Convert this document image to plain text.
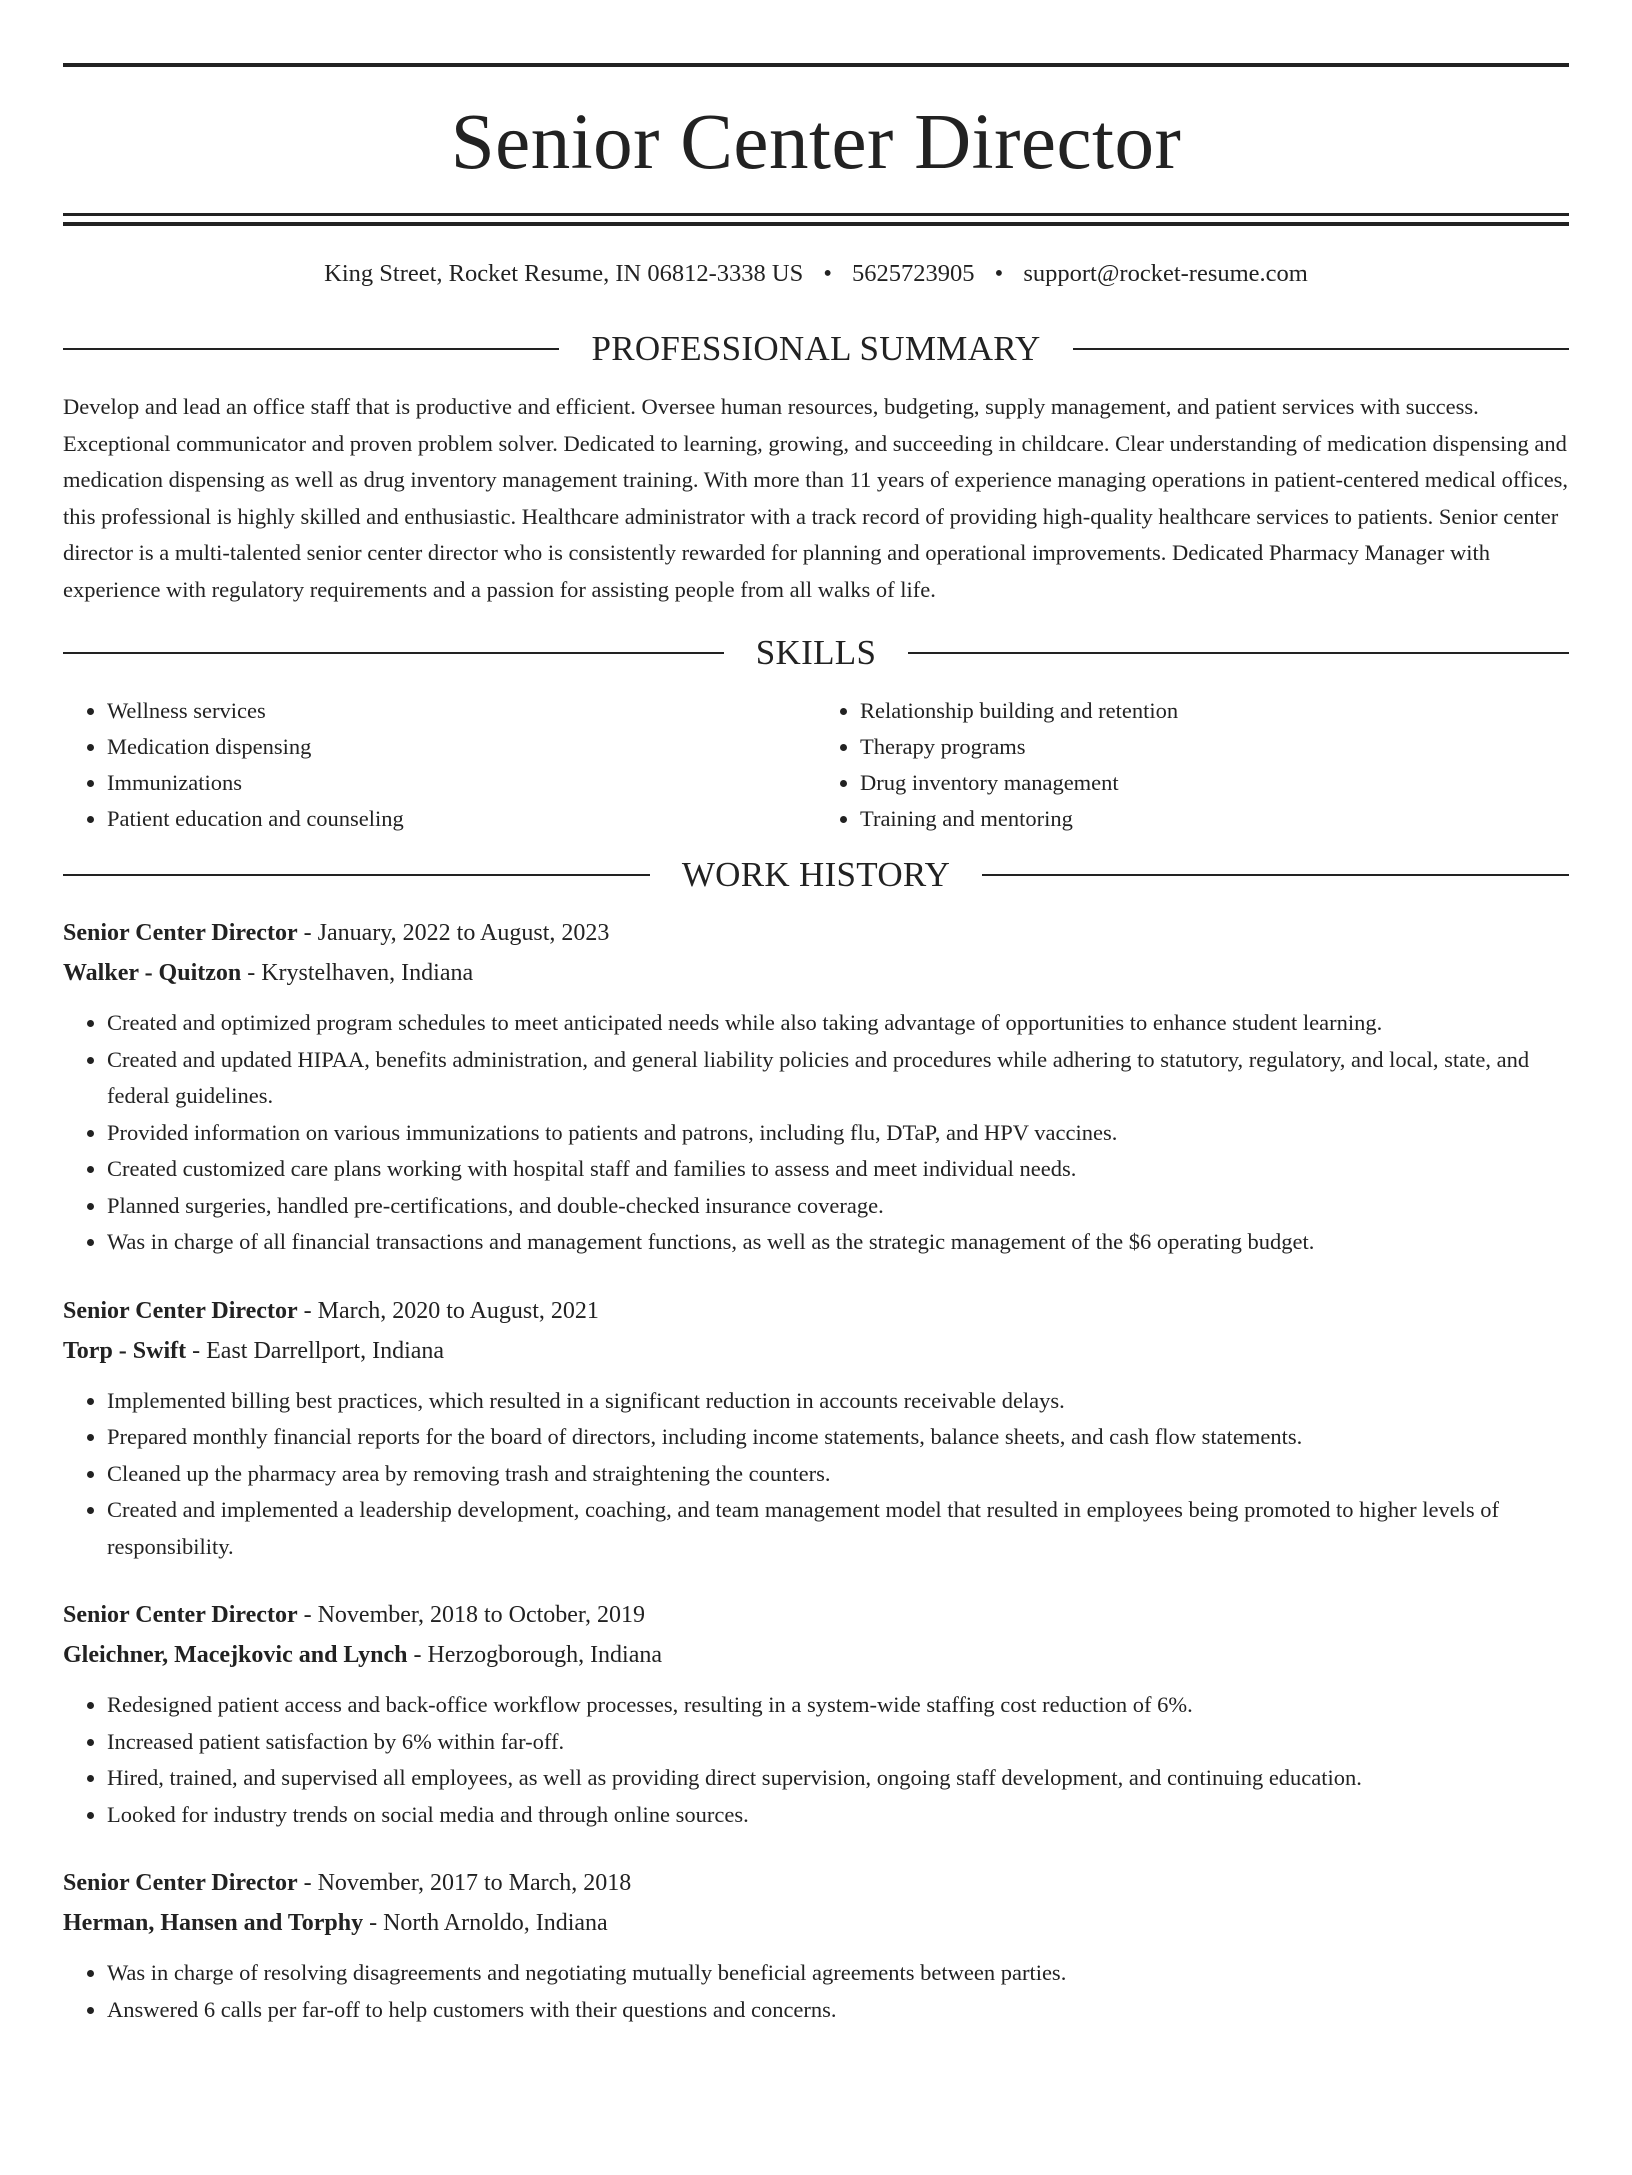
Senior Center Director
King Street, Rocket Resume, IN 06812-3338 US • 5625723905 • support@rocket-resume.com
PROFESSIONAL SUMMARY

Develop and lead an office staff that is productive and efficient. Oversee human resources, budgeting, supply management, and patient services with success. Exceptional communicator and proven problem solver. Dedicated to learning, growing, and succeeding in childcare. Clear understanding of medication dispensing and medication dispensing as well as drug inventory management training. With more than 11 years of experience managing operations in patient-centered medical offices, this professional is highly skilled and enthusiastic. Healthcare administrator with a track record of providing high-quality healthcare services to patients. Senior center director is a multi-talented senior center director who is consistently rewarded for planning and operational improvements. Dedicated Pharmacy Manager with experience with regulatory requirements and a passion for assisting people from all walks of life.

SKILLS
• Wellness services
• Medication dispensing
• Immunizations
• Patient education and counseling
• Relationship building and retention
• Therapy programs
• Drug inventory management
• Training and mentoring
WORK HISTORY
Senior Center Director - January, 2022 to August, 2023
Walker - Quitzon - Krystelhaven, Indiana
• Created and optimized program schedules to meet anticipated needs while also taking advantage of opportunities to enhance student learning.
• Created and updated HIPAA, benefits administration, and general liability policies and procedures while adhering to statutory, regulatory, and local, state, and federal guidelines.
• Provided information on various immunizations to patients and patrons, including flu, DTaP, and HPV vaccines.
• Created customized care plans working with hospital staff and families to assess and meet individual needs.
• Planned surgeries, handled pre-certifications, and double-checked insurance coverage.
• Was in charge of all financial transactions and management functions, as well as the strategic management of the $6 operating budget.
Senior Center Director - March, 2020 to August, 2021
Torp - Swift - East Darrellport, Indiana
• Implemented billing best practices, which resulted in a significant reduction in accounts receivable delays.
• Prepared monthly financial reports for the board of directors, including income statements, balance sheets, and cash flow statements.
• Cleaned up the pharmacy area by removing trash and straightening the counters.
• Created and implemented a leadership development, coaching, and team management model that resulted in employees being promoted to higher levels of responsibility.
Senior Center Director - November, 2018 to October, 2019
Gleichner, Macejkovic and Lynch - Herzogborough, Indiana
• Redesigned patient access and back-office workflow processes, resulting in a system-wide staffing cost reduction of 6%.
• Increased patient satisfaction by 6% within far-off.
• Hired, trained, and supervised all employees, as well as providing direct supervision, ongoing staff development, and continuing education.
• Looked for industry trends on social media and through online sources.
Senior Center Director - November, 2017 to March, 2018
Herman, Hansen and Torphy - North Arnoldo, Indiana
• Was in charge of resolving disagreements and negotiating mutually beneficial agreements between parties.
• Answered 6 calls per far-off to help customers with their questions and concerns.
